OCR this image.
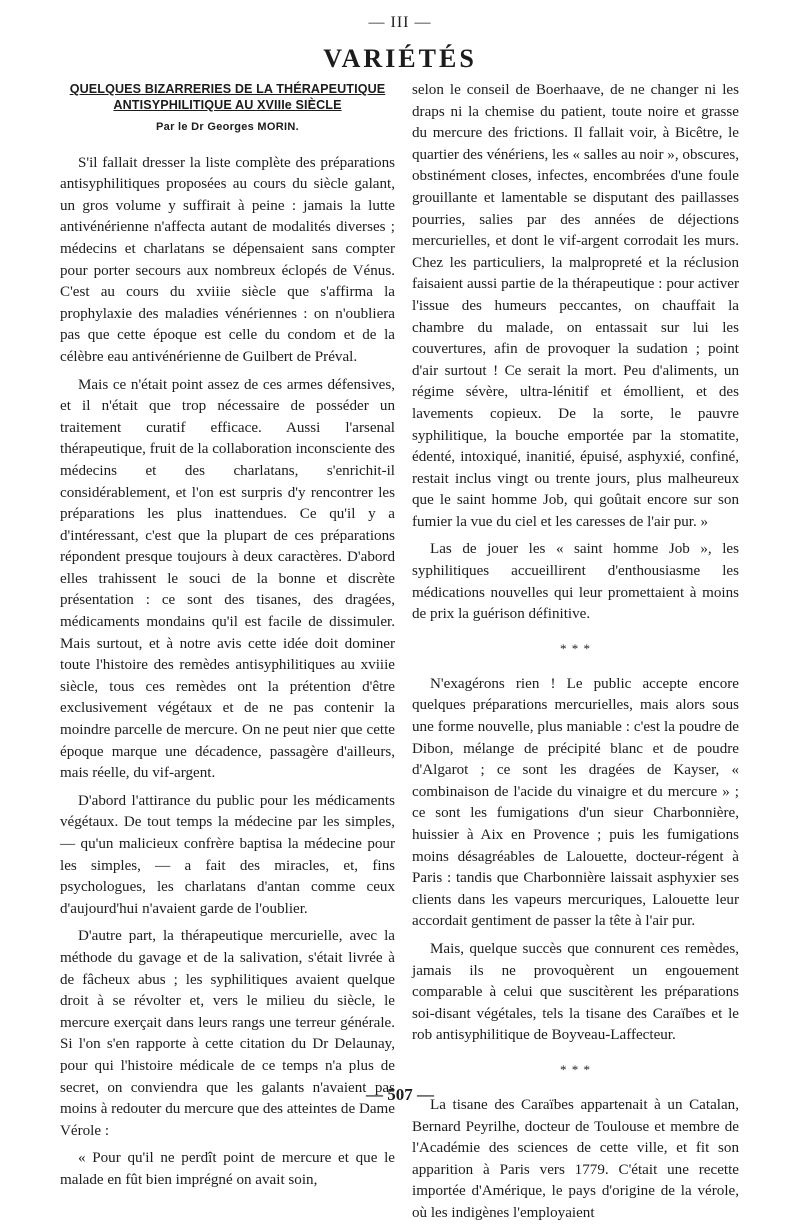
— III —
VARIÉTÉS
QUELQUES BIZARRERIES DE LA THÉRAPEUTIQUE
ANTISYPHILITIQUE AU XVIIIe SIÈCLE
Par le Dr Georges MORIN.

S'il fallait dresser la liste complète des préparations antisyphilitiques proposées au cours du siècle galant, un gros volume y suffirait à peine : jamais la lutte antivénérienne n'affecta autant de modalités diverses ; médecins et charlatans se dépensaient sans compter pour porter secours aux nombreux éclopés de Vénus. C'est au cours du xviiie siècle que s'affirma la prophylaxie des maladies vénériennes : on n'oubliera pas que cette époque est celle du condom et de la célèbre eau antivénérienne de Guilbert de Préval.

Mais ce n'était point assez de ces armes défensives, et il n'était que trop nécessaire de posséder un traitement curatif efficace. Aussi l'arsenal thérapeutique, fruit de la collaboration inconsciente des médecins et des charlatans, s'enrichit-il considérablement, et l'on est surpris d'y rencontrer les préparations les plus inattendues. Ce qu'il y a d'intéressant, c'est que la plupart de ces préparations répondent presque toujours à deux caractères. D'abord elles trahissent le souci de la bonne et discrète présentation : ce sont des tisanes, des dragées, médicaments mondains qu'il est facile de dissimuler. Mais surtout, et à notre avis cette idée doit dominer toute l'histoire des remèdes antisyphilitiques au xviiie siècle, tous ces remèdes ont la prétention d'être exclusivement végétaux et de ne pas contenir la moindre parcelle de mercure. On ne peut nier que cette époque marque une décadence, passagère d'ailleurs, mais réelle, du vif-argent.

D'abord l'attirance du public pour les médicaments végétaux. De tout temps la médecine par les simples, — qu'un malicieux confrère baptisa la médecine pour les simples, — a fait des miracles, et, fins psychologues, les charlatans d'antan comme ceux d'aujourd'hui n'avaient garde de l'oublier.

D'autre part, la thérapeutique mercurielle, avec la méthode du gavage et de la salivation, s'était livrée à de fâcheux abus ; les syphilitiques avaient quelque droit à se révolter et, vers le milieu du siècle, le mercure exerçait dans leurs rangs une terreur générale. Si l'on s'en rapporte à cette citation du Dr Delaunay, pour qui l'histoire médicale de ce temps n'a plus de secret, on conviendra que les galants n'avaient pas moins à redouter du mercure que des atteintes de Dame Vérole :

« Pour qu'il ne perdît point de mercure et que le malade en fût bien imprégné on avait soin,

selon le conseil de Boerhaave, de ne changer ni les draps ni la chemise du patient, toute noire et grasse du mercure des frictions. Il fallait voir, à Bicêtre, le quartier des vénériens, les « salles au noir », obscures, obstinément closes, infectes, encombrées d'une foule grouillante et lamentable se disputant des paillasses pourries, salies par des années de déjections mercurielles, et dont le vif-argent corrodait les murs. Chez les particuliers, la malpropreté et la réclusion faisaient aussi partie de la thérapeutique : pour activer l'issue des humeurs peccantes, on chauffait la chambre du malade, on entassait sur lui les couvertures, afin de provoquer la sudation ; point d'air surtout ! Ce serait la mort. Peu d'aliments, un régime sévère, ultra-lénitif et émollient, et des lavements copieux. De la sorte, le pauvre syphilitique, la bouche emportée par la stomatite, édenté, intoxiqué, inanitié, épuisé, asphyxié, confiné, restait inclus vingt ou trente jours, plus malheureux que le saint homme Job, qui goûtait encore sur son fumier la vue du ciel et les caresses de l'air pur. »

Las de jouer les « saint homme Job », les syphilitiques accueillirent d'enthousiasme les médications nouvelles qui leur promettaient à moins de prix la guérison définitive.

* * *

N'exagérons rien ! Le public accepte encore quelques préparations mercurielles, mais alors sous une forme nouvelle, plus maniable : c'est la poudre de Dibon, mélange de précipité blanc et de poudre d'Algarot ; ce sont les dragées de Kayser, « combinaison de l'acide du vinaigre et du mercure » ; ce sont les fumigations d'un sieur Charbonnière, huissier à Aix en Provence ; puis les fumigations moins désagréables de Lalouette, docteur-régent à Paris : tandis que Charbonnière laissait asphyxier ses clients dans les vapeurs mercuriques, Lalouette leur accordait gentiment de passer la tête à l'air pur.

Mais, quelque succès que connurent ces remèdes, jamais ils ne provoquèrent un engouement comparable à celui que suscitèrent les préparations soi-disant végétales, tels la tisane des Caraïbes et le rob antisyphilitique de Boyveau-Laffecteur.

* * *

La tisane des Caraïbes appartenait à un Catalan, Bernard Peyrilhe, docteur de Toulouse et membre de l'Académie des sciences de cette ville, et fit son apparition à Paris vers 1779. C'était une recette importée d'Amérique, le pays d'origine de la vérole, où les indigènes l'employaient

— 507 —
